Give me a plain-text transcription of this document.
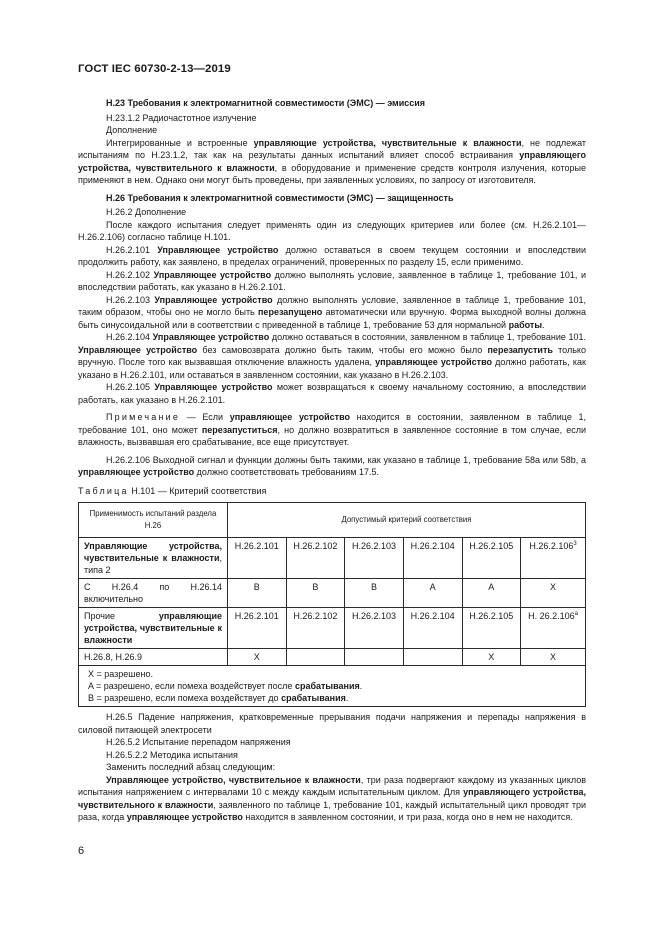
ГОСТ IEC 60730-2-13—2019

H.23 Требования к электромагнитной совместимости (ЭМС) — эмиссия

H.23.1.2 Радиочастотное излучение

Дополнение

Интегрированные и встроенные управляющие устройства, чувствительные к влажности, не подлежат испытаниям по H.23.1.2, так как на результаты данных испытаний влияет способ встраивания управляющего устройства, чувствительного к влажности, в оборудование и применение средств контроля излучения, которые применяют в нем. Однако они могут быть проведены, при заявленных условиях, по запросу от изготовителя.

H.26 Требования к электромагнитной совместимости (ЭМС) — защищенность

H.26.2 Дополнение

После каждого испытания следует применять один из следующих критериев или более (см. H.26.2.101—H.26.2.106) согласно таблице H.101.

H.26.2.101 Управляющее устройство должно оставаться в своем текущем состоянии и впоследствии продолжить работу, как заявлено, в пределах ограничений, проверенных по разделу 15, если применимо.

H.26.2.102 Управляющее устройство должно выполнять условие, заявленное в таблице 1, требование 101, и впоследствии работать, как указано в H.26.2.101.

H.26.2.103 Управляющее устройство должно выполнять условие, заявленное в таблице 1, требование 101, таким образом, чтобы оно не могло быть перезапущено автоматически или вручную. Форма выходной волны должна быть синусоидальной или в соответствии с приведенной в таблице 1, требование 53 для нормальной работы.

H.26.2.104 Управляющее устройство должно оставаться в состоянии, заявленном в таблице 1, требование 101. Управляющее устройство без самовозврата должно быть таким, чтобы его можно было перезапустить только вручную. После того как вызвавшая отключение влажность удалена, управляющее устройство должно работать, как указано в H.26.2.101, или оставаться в заявленном состоянии, как указано в H.26.2.103.

H.26.2.105 Управляющее устройство может возвращаться к своему начальному состоянию, а впоследствии работать, как указано в H.26.2.101.

Примечание — Если управляющее устройство находится в состоянии, заявленном в таблице 1, требование 101, оно может перезапуститься, но должно возвратиться в заявленное состояние в том случае, если влажность, вызвавшая его срабатывание, все еще присутствует.

H.26.2.106 Выходной сигнал и функции должны быть такими, как указано в таблице 1, требование 58a или 58b, а управляющее устройство должно соответствовать требованиям 17.5.

Таблица H.101 — Критерий соответствия

Применимость испытаний раздела H.26	Допустимый критерий соответствия					
Управляющие устройства, чувствительные к влажности, типа 2	H.26.2.101	H.26.2.102	H.26.2.103	H.26.2.104	H.26.2.105	H.26.2.106$^3$
С H.26.4 по H.26.14 включительно	B	B	B	A	A	X
Прочие управляющие устройства, чувствительные к влажности	H.26.2.101	H.26.2.102	H.26.2.103	H.26.2.104	H.26.2.105	H. 26.2.106$^a$
H.26.8, H.26.9	X				X	X

X = разрешено.
A = разрешено, если помеха воздействует после срабатывания.
B = разрешено, если помеха воздействует до срабатывания.						

H.26.5 Падение напряжения, кратковременные прерывания подачи напряжения и перепады напряжения в силовой питающей электросети

H.26.5.2 Испытание перепадом напряжения

H.26.5.2.2 Методика испытания

Заменить последний абзац следующим:

Управляющее устройство, чувствительное к влажности, три раза подвергают каждому из указанных циклов испытания напряжением с интервалами 10 с между каждым испытательным циклом. Для управляющего устройства, чувствительного к влажности, заявленного по таблице 1, требование 101, каждый испытательный цикл проводят три раза, когда управляющее устройство находится в заявленном состоянии, и три раза, когда оно в нем не находится.

6
